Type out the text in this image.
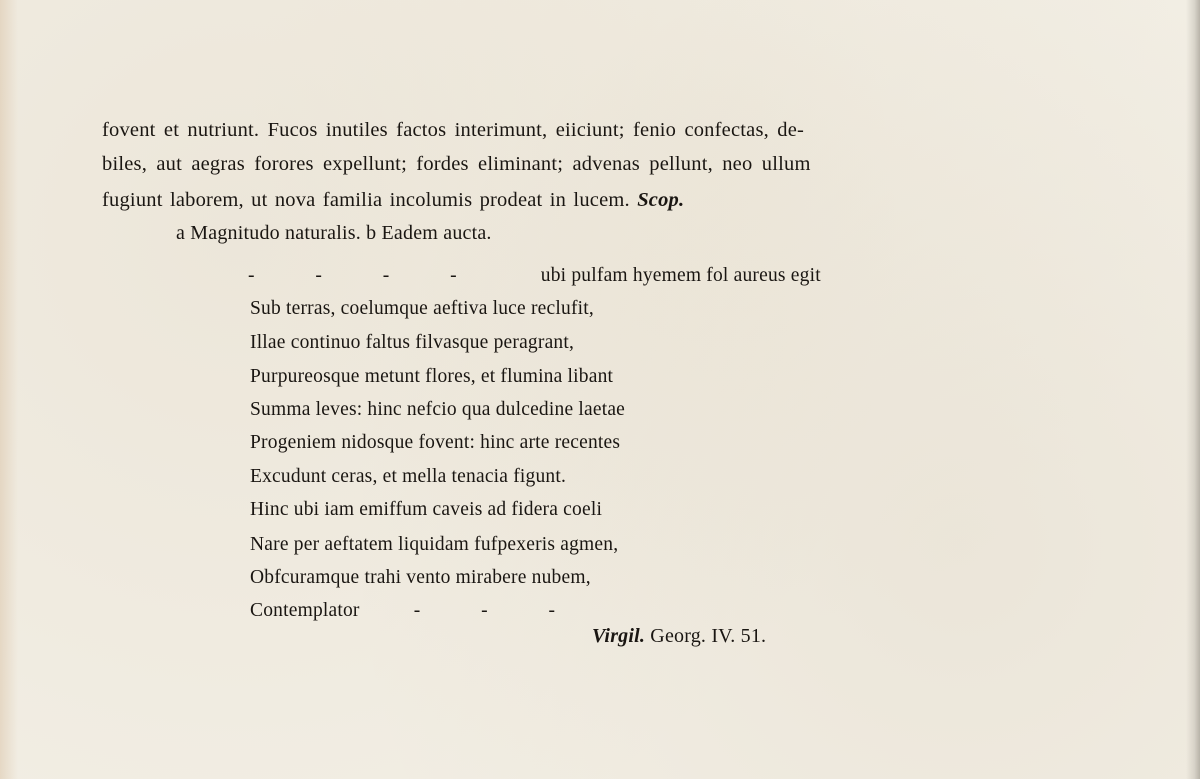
fovent et nutriunt. Fucos inutiles factos interimunt, eiiciunt; fenio confectas, de-
biles, aut aegras forores expellunt; fordes eliminant; advenas pellunt, neo ullum
fugiunt laborem, ut nova familia incolumis prodeat in lucem. Scop.
a Magnitudo naturalis. b Eadem aucta.
- - - -	ubi pulfam hyemem fol aureus egit
Sub terras, coelumque aeftiva luce reclufit,
Illae continuo faltus filvasque peragrant,
Purpureosque metunt flores, et flumina libant
Summa leves: hinc nefcio qua dulcedine laetae
Progeniem nidosque fovent: hinc arte recentes
Excudunt ceras, et mella tenacia figunt.
Hinc ubi iam emiffum caveis ad fidera coeli
Nare per aeftatem liquidam fufpexeris agmen,
Obfcuramque trahi vento mirabere nubem,
Contemplator	- - -
Virgil. Georg. IV. 51.
